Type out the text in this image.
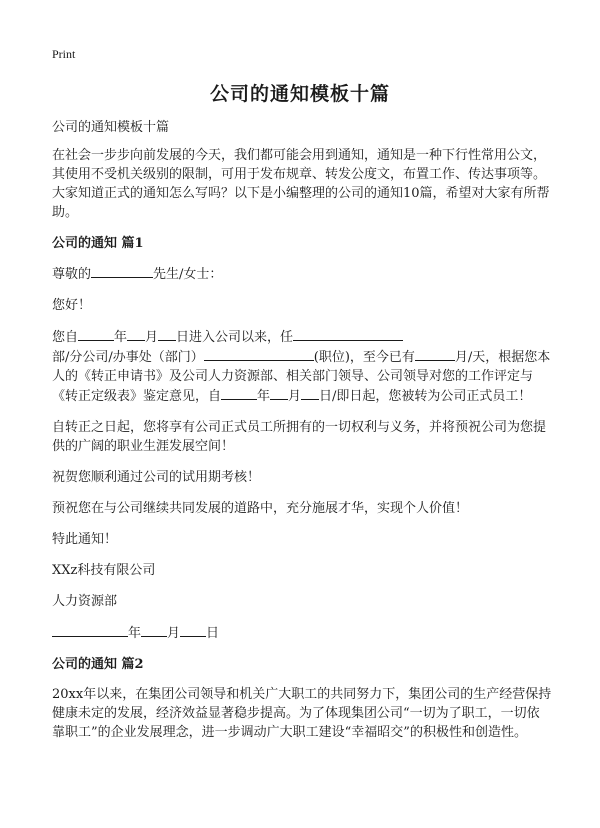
Print
公司的通知模板十篇

公司的通知模板十篇

在社会一步步向前发展的今天，我们都可能会用到通知，通知是一种下行性常用公文，其使用不受机关级别的限制，可用于发布规章、转发公度文，布置工作、传达事项等。大家知道正式的通知怎么写吗？以下是小编整理的公司的通知10篇，希望对大家有所帮助。

公司的通知 篇1

尊敬的	先生/女士：

您好！

您自	年 月 日进入公司以来，任部/分公司/办事处（部门）	(职位)，至今已有	月/天，根据您本人的《转正申请书》及公司人力资源部、相关部门领导、公司领导对您的工作评定与《转正定级表》鉴定意见，自	年 月 日/即日起，您被转为公司正式员工！

自转正之日起，您将享有公司正式员工所拥有的一切权利与义务，并将预祝公司为您提供的广阔的职业生涯发展空间！

祝贺您顺利通过公司的试用期考核！

预祝您在与公司继续共同发展的道路中，充分施展才华，实现个人价值！

特此通知！

XXz科技有限公司

人力资源部

年 月 日

公司的通知 篇2

20xx年以来，在集团公司领导和机关广大职工的共同努力下，集团公司的生产经营保持健康未定的发展，经济效益显著稳步提高。为了体现集团公司“一切为了职工，一切依靠职工”的企业发展理念，进一步调动广大职工建设“幸福昭交”的积极性和创造性。
